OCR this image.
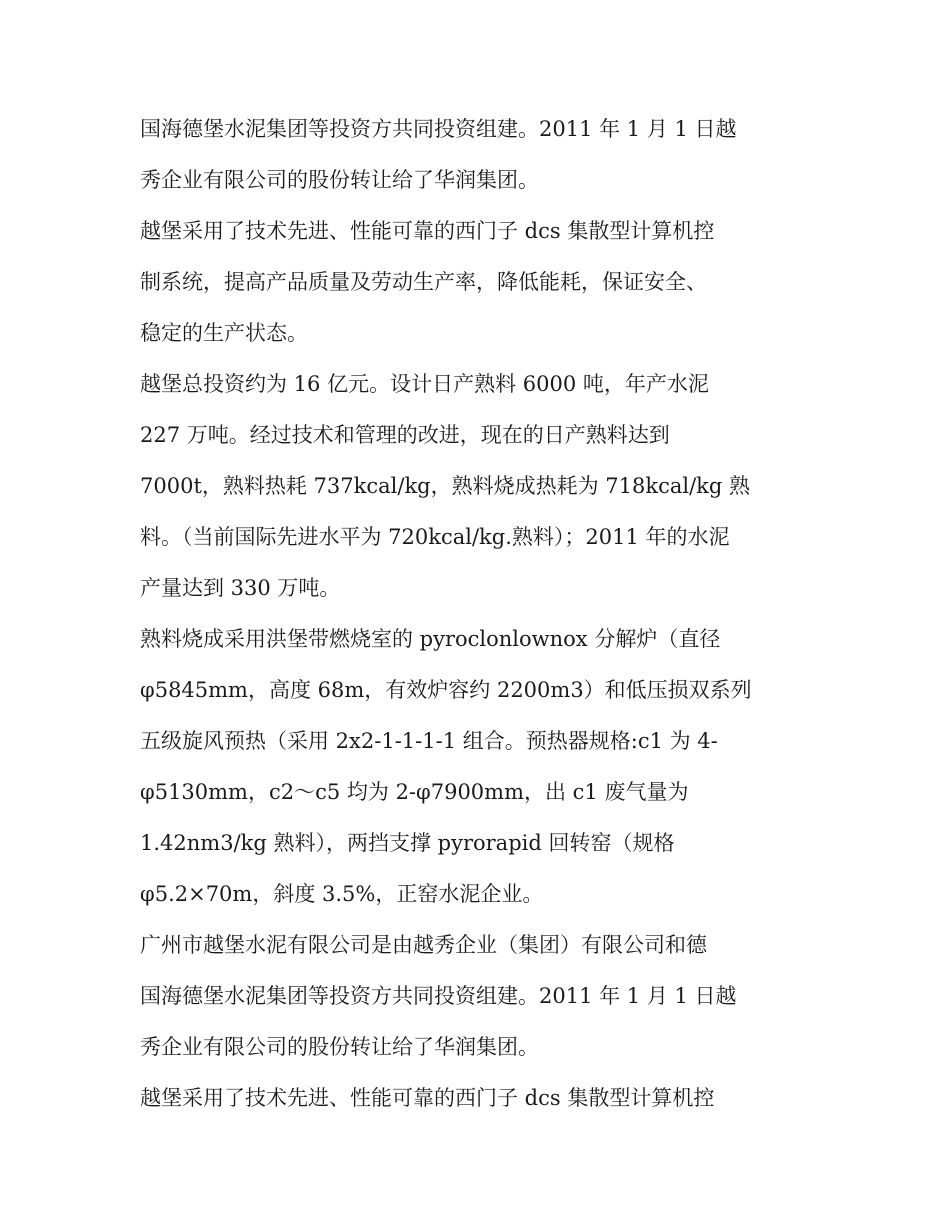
国海德堡水泥集团等投资方共同投资组建。2011 年 1 月 1 日越
秀企业有限公司的股份转让给了华润集团。
越堡采用了技术先进、性能可靠的西门子 dcs 集散型计算机控
制系统，提高产品质量及劳动生产率，降低能耗，保证安全、
稳定的生产状态。
越堡总投资约为 16 亿元。设计日产熟料 6000 吨，年产水泥
227 万吨。经过技术和管理的改进，现在的日产熟料达到
7000t，熟料热耗 737kcal/kg，熟料烧成热耗为 718kcal/kg 熟
料。（当前国际先进水平为 720kcal/kg.熟料）；2011 年的水泥
产量达到 330 万吨。
熟料烧成采用洪堡带燃烧室的 pyroclonlownox 分解炉（直径
φ5845mm，高度 68m，有效炉容约 2200m3）和低压损双系列
五级旋风预热（采用 2x2-1-1-1-1 组合。预热器规格:c1 为 4-
φ5130mm，c2～c5 均为 2-φ7900mm，出 c1 废气量为
1.42nm3/kg 熟料），两挡支撑 pyrorapid 回转窑（规格
φ5.2×70m，斜度 3.5%，正窑水泥企业。
广州市越堡水泥有限公司是由越秀企业（集团）有限公司和德
国海德堡水泥集团等投资方共同投资组建。2011 年 1 月 1 日越
秀企业有限公司的股份转让给了华润集团。
越堡采用了技术先进、性能可靠的西门子 dcs 集散型计算机控
